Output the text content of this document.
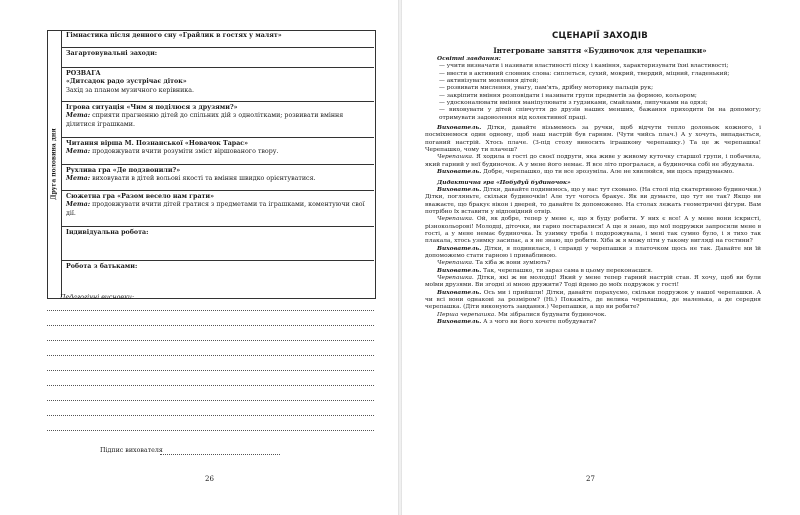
Друга половина дня
Гімнастика після денного сну «Грайлик в гостях у малят»
Загартовувальні заходи:
РОЗВАГА
«Дитсадок радо зустрічає діток»
Захід за планом музичного керівника.
Ігрова ситуація «Чим я поділюся з друзями?»
Мета: сприяти прагненню дітей до спільних дій з однолітками; розвивати вміння ділитися іграшками.
Читання вірша М. Познанської «Новачок Тарас»
Мета: продовжувати вчити розуміти зміст віршованого твору.
Рухлива гра «Де подзвонили?»
Мета: виховувати в дітей вольові якості та вміння швидко орієнтуватися.
Сюжетна гра «Разом весело нам грати»
Мета: продовжувати вчити дітей гратися з предметами та іграшками, коментуючи свої дії.
Індивідуальна робота:
Робота з батьками:
Педагогічні висновки:
Підпис вихователя
26
СЦЕНАРІЇ ЗАХОДІВ
Інтегроване заняття «Будиночок для черепашки»

Освітні завдання:

— учити визначати і називати властивості піску і каміння, характеризувати їхні властивості;

— ввести в активний словник слова: сиплеться, сухий, мокрий, твердий, міцний, гладенький;

— активізувати мовлення дітей;

— розвивати мислення, увагу, пам'ять, дрібну моторику пальців рук;

— закріпити вміння розповідати і називати групи предметів за формою, кольором;

— удосконалювати вміння маніпулювати з гудзиками, смайлами, липучками на одязі;

— виховувати у дітей співчуття до друзів наших менших, бажання приходити їм на допомогу; отримувати задоволення від колективної праці.

Вихователь. Дітки, давайте візьмемось за ручки, щоб відчути тепло долоньок кожного, і посміхнемося один одному, щоб наш настрій був гарним. (Чути чийсь плач.) А у хочуть, випадається, поганий настрій. Хтось плаче. (З-під столу виносить іграшкову черепашку.) Та це ж черепашка! Черепашко, чому ти плачеш?

Черепашка. Я ходила в гості до своєї подруги, яка живе у живому куточку старшої групи, і побачила, який гарний у неї будиночок. А у мене його немає. Я все літо програлася, а будиночка собі не збудувала.

Вихователь. Добре, черепашко, що ти все зрозуміла. Але не хвилюйся, ми щось придумаємо.

Дидактична гра «Побудуй будиночок»

Вихователь. Дітки, давайте подивимось, що у нас тут сховано. (На столі під скатертиною будиночки.) Дітки, погляньте, скільки будиночків! Але тут чогось бракує. Як ви думаєте, що тут не так? Якщо ви вважаєте, що бракує вікон і дверей, то давайте їх допоможемо. На столах лежать геометричні фігури. Вам потрібно їх вставити у відповідний отвір.

Черепашка. Ой, як добре, тепер у мене є, що я буду робити. У них є все! А у мене вони іскристі, різнокольорові! Молодці, діточки, ви гарно постаралися! А ще я знаю, що мої подружки запросили мене в гості, а у мене немає будиночка. Їх узимку треба і подорожувала, і мені так сумно було, і я тихо так плакала, хтось узимку засипає, а я не знаю, що робити. Хіба ж я можу піти у такому вигляді на гостини?

Вихователь. Дітки, я подивилася, і справді у черепашки з платочком щось не так. Давайте ми їй допоможемо стати гарною і привабливою.

Черепашка. Та хіба ж вони зуміють?

Вихователь. Так, черепашко, ти зараз сама в цьому переконаєшся.

Черепашка. Дітки, які ж ви молодці! Який у мене тепер гарний настрій став. Я хочу, щоб ви були моїми друзями. Ви згодні зі мною дружити? Тоді йдемо до моїх подружок у гості!

Вихователь. Ось ми і прийшли! Дітки, давайте порахуємо, скільки подружок у нашої черепашки. А чи всі вони однакові за розміром? (Ні.) Покажіть, де велика черепашка, де маленька, а де середня черепашка. (Діти виконують завдання.) Черепашки, а що ви робите?

Перша черепашка. Ми зібралися будувати будиночок.

Вихователь. А з чого ви його хочете побудувати?

27
